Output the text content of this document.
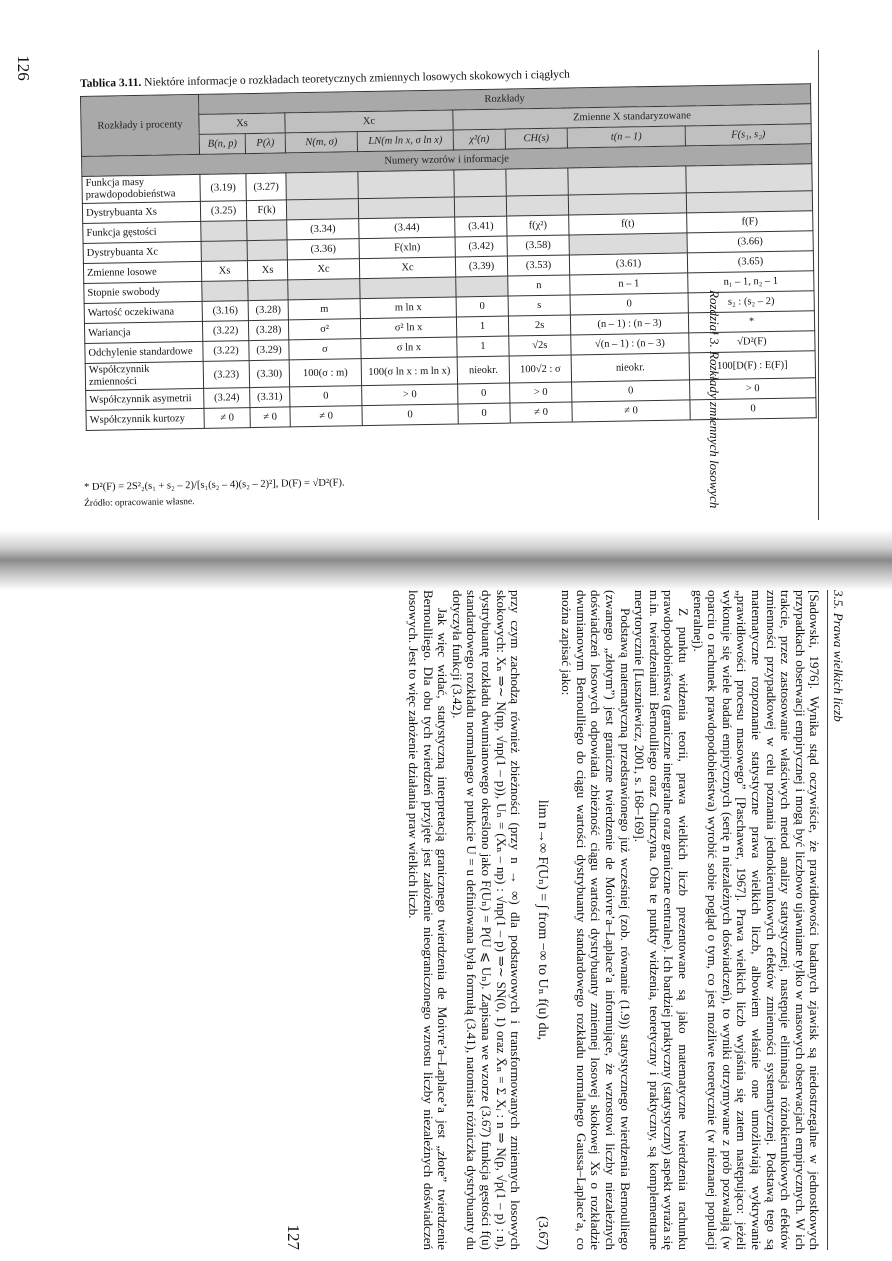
126
Rozdział 3. Rozkłady zmiennych losowych
Tablica 3.11. Niektóre informacje o rozkładach teoretycznych zmiennych losowych skokowych i ciągłych
Rozkłady i procenty	Rozkłady							
	Xs		Xc		Zmienne X standaryzowane			
	B(n, p)	P(λ)	N(m, σ)	LN(m ln x, σ ln x)	χ²(n)	CH(s)	t(n – 1)	F(s₁, s₂)
Numery wzorów i informacje								
Funkcja masy prawdopodobieństwa	(3.19)	(3.27)						
Dystrybuanta Xs	(3.25)	F(k)						
Funkcja gęstości			(3.34)	(3.44)	(3.41)	f(χ²)	f(t)	f(F)
Dystrybuanta Xc			(3.36)	F(xln)	(3.42)	(3.58)		(3.66)
Zmienne losowe	Xs	Xs	Xc	Xc	(3.39)	(3.53)	(3.61)	(3.65)
Stopnie swobody						n	n – 1	n₁ – 1, n₂ – 1
Wartość oczekiwana	(3.16)	(3.28)	m	m ln x	0	s	0	s₂ : (s₂ – 2)
Wariancja	(3.22)	(3.28)	σ²	σ² ln x	1	2s	(n – 1) : (n – 3)	*
Odchylenie standardowe	(3.22)	(3.29)	σ	σ ln x	1	√2s	√(n – 1) : (n – 3)	√D²(F)
Współczynnik zmienności	(3.23)	(3.30)	100(σ : m)	100(σ ln x : m ln x)	nieokr.	100√2 : σ	nieokr.	100[D(F) : E(F)]
Współczynnik asymetrii	(3.24)	(3.31)	0	> 0	0	> 0	0	> 0
Współczynnik kurtozy	≠ 0	≠ 0	≠ 0	0	0	≠ 0	≠ 0	0
* D²(F) = 2S²₂(s₁ + s₂ – 2)/[s₁(s₂ – 4)(s₂ – 2)²], D(F) = √D²(F).
Źródło: opracowanie własne.
3.5. Prawa wielkich liczb

[Sadowski, 1976]. Wynika stąd oczywiście, że prawidłowości badanych zjawisk są niedostrzegalne w jednostkowych przypadkach obserwacji empirycznej i mogą być liczbowo ujawniane tylko w masowych obserwacjach empirycznych. W ich trakcie, przez zastosowanie właściwych metod analizy statystycznej, następuje eliminacja różnokierunkowych efektów zmienności przypadkowej w celu poznania jednokierunkowych efektów zmienności systematycznej. Podstawą tego są matematyczne rozpoznanie statystyczne prawa wielkich liczb, albowiem właśnie one umożliwiają wykrywanie „prawidłowości procesu masowego” [Paschawer, 1967]. Prawa wielkich liczb wyjaśnia się zatem następująco: jeżeli wykonuje się wiele badań empirycznych (serię n niezależnych doświadczeń), to wyniki otrzymywane z prób pozwalają (w oparciu o rachunek prawdopodobieństwa) wyrobić sobie pogląd o tym, co jest możliwe teoretycznie (w nieznanej populacji generalnej).

Z punktu widzenia teorii, prawa wielkich liczb prezentowane są jako matematyczne twierdzenia rachunku prawdopodobieństwa (graniczne integralne oraz graniczne centralne). Ich bardziej praktyczny (statystyczny) aspekt wyraża się m.in. twierdzeniami Bernoulliego oraz Chinczyna. Oba te punkty widzenia, teoretyczny i praktyczny, są komplementarne merytorycznie [Luszniewicz, 2001, s. 168–169].

Podstawą matematyczną przedstawionego już wcześniej (zob. równanie (1.9)) statystycznego twierdzenia Bernoulliego (zwanego „złotym”) jest graniczne twierdzenie de Moivre’a–Laplace’a informujące, że wzrostowi liczby niezależnych doświadczeń losowych odpowiada zbieżność ciągu wartości dystrybuanty zmiennej losowej skokowej Xs o rozkładzie dwumianowym Bernoulliego do ciągu wartości dystrybuanty standardowego rozkładu normalnego Gaussa–Laplace’a, co można zapisać jako:

lim n→∞ F(Uₙ) = ∫ from −∞ to Uₙ f(u) du,
(3.67)

przy czym zachodzą również zbieżności (przy n → ∞) dla podstawowych i transformowanych zmiennych losowych skokowych: Xₙ ⇒∼ N(np, √np(1 – p)), Uₙ = (Xₙ – np) : √np(1 – p) ⇒∼ SN(0, 1) oraz X̄ₙ = Σ Xᵢ : n ⇒ N(p, √p(1 – p) : n), dystrybuantę rozkładu dwumianowego określono jako F(Uₙ) = P(U ⩽ Uₙ). Zapisana we wzorze (3.67) funkcja gęstości f(u) standardowego rozkładu normalnego w punkcie U = u definiowana była formułą (3.41), natomiast różniczka dystrybuanty du dotyczyła funkcji (3.42).

Jak więc widać, statystyczną interpretacją granicznego twierdzenia de Moivre’a–Laplace’a jest „złote” twierdzenie Bernoulliego. Dla obu tych twierdzeń przyjęte jest założenie nieograniczonego wzrostu liczby niezależnych doświadczeń losowych. Jest to więc założenie działania praw wielkich liczb.

127
